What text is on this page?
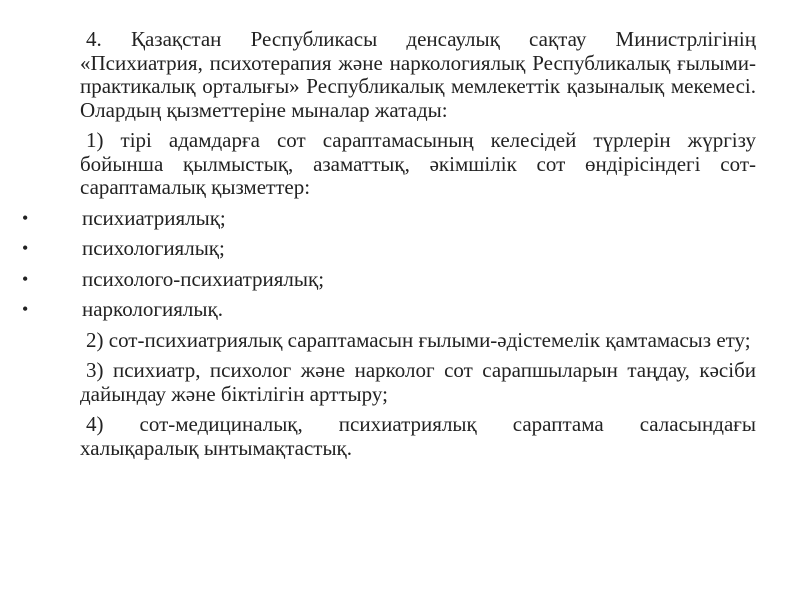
4. Қазақстан Республикасы денсаулық сақтау Министрлігінің «Психиатрия, психотерапия және наркологиялық Республикалық ғылыми-практикалық орталығы» Республикалық мемлекеттік қазыналық мекемесі. Олардың қызметтеріне мыналар жатады:

1) тірі адамдарға сот сараптамасының келесідей түрлерін жүргізу бойынша қылмыстық, азаматтық, әкімшілік сот өндірісіндегі сот-сараптамалық қызметтер:

•	психиатриялық;
•	психологиялық;
•	психолого-психиатриялық;
•	наркологиялық.

2) сот-психиатриялық сараптамасын ғылыми-әдістемелік қамтамасыз ету;

3) психиатр, психолог және нарколог сот сарапшыларын таңдау, кәсіби дайындау және біктілігін арттыру;

4) сот-медициналық, психиатриялық сараптама саласындағы халықаралық ынтымақтастық.
